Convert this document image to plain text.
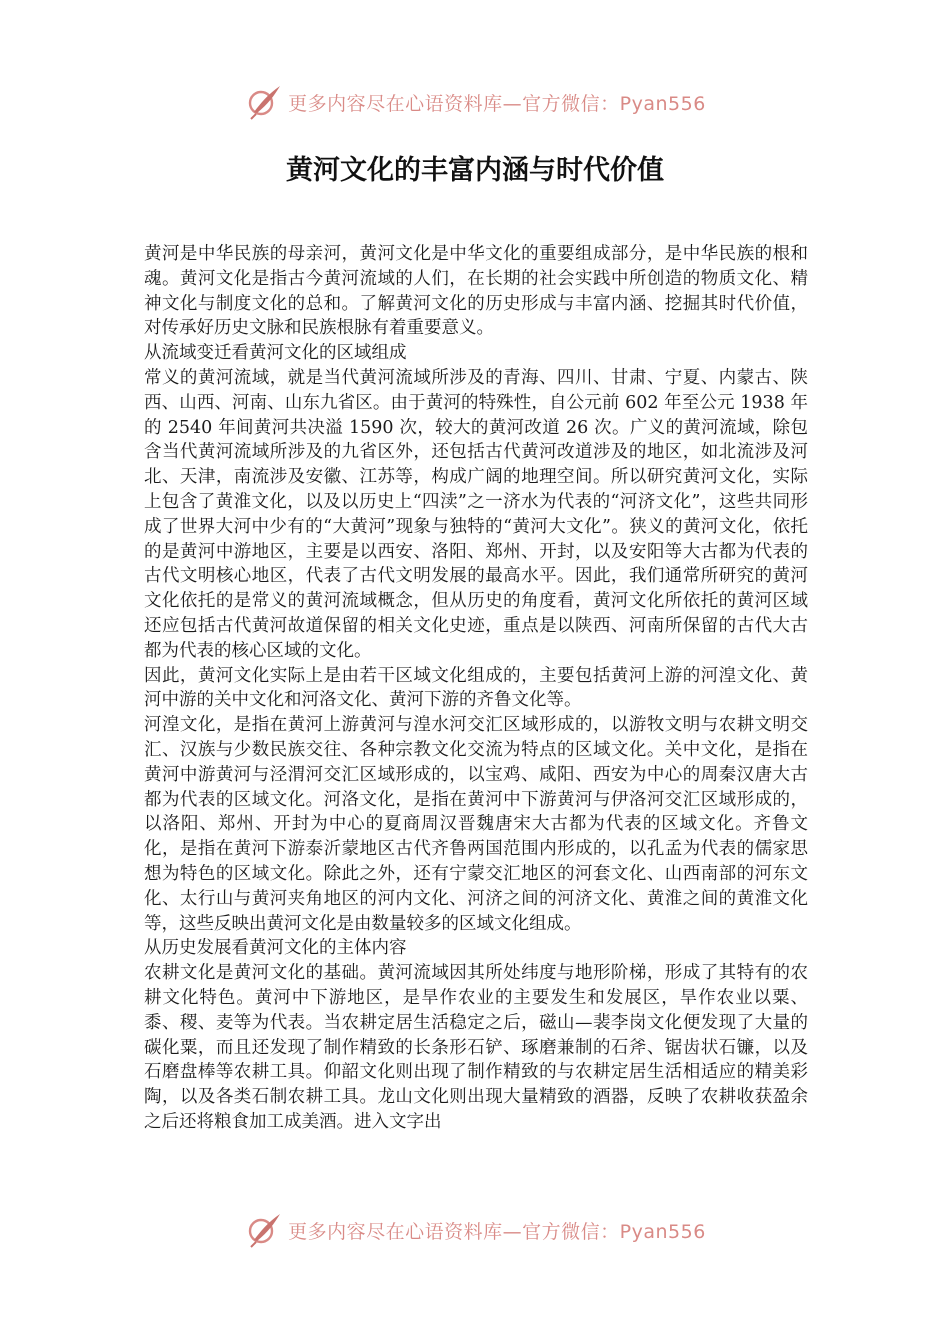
更多内容尽在心语资料库—官方微信：Pyan556
黄河文化的丰富内涵与时代价值

黄河是中华民族的母亲河，黄河文化是中华文化的重要组成部分，是中华民族的根和魂。黄河文化是指古今黄河流域的人们，在长期的社会实践中所创造的物质文化、精神文化与制度文化的总和。了解黄河文化的历史形成与丰富内涵、挖掘其时代价值，对传承好历史文脉和民族根脉有着重要意义。

从流域变迁看黄河文化的区域组成

常义的黄河流域，就是当代黄河流域所涉及的青海、四川、甘肃、宁夏、内蒙古、陕西、山西、河南、山东九省区。由于黄河的特殊性，自公元前 602 年至公元 1938 年的 2540 年间黄河共决溢 1590 次，较大的黄河改道 26 次。广义的黄河流域，除包含当代黄河流域所涉及的九省区外，还包括古代黄河改道涉及的地区，如北流涉及河北、天津，南流涉及安徽、江苏等，构成广阔的地理空间。所以研究黄河文化，实际上包含了黄淮文化，以及以历史上“四渎”之一济水为代表的“河济文化”，这些共同形成了世界大河中少有的“大黄河”现象与独特的“黄河大文化”。狭义的黄河文化，依托的是黄河中游地区，主要是以西安、洛阳、郑州、开封，以及安阳等大古都为代表的古代文明核心地区，代表了古代文明发展的最高水平。因此，我们通常所研究的黄河文化依托的是常义的黄河流域概念，但从历史的角度看，黄河文化所依托的黄河区域还应包括古代黄河故道保留的相关文化史迹，重点是以陕西、河南所保留的古代大古都为代表的核心区域的文化。

因此，黄河文化实际上是由若干区域文化组成的，主要包括黄河上游的河湟文化、黄河中游的关中文化和河洛文化、黄河下游的齐鲁文化等。

河湟文化，是指在黄河上游黄河与湟水河交汇区域形成的，以游牧文明与农耕文明交汇、汉族与少数民族交往、各种宗教文化交流为特点的区域文化。关中文化，是指在黄河中游黄河与泾渭河交汇区域形成的，以宝鸡、咸阳、西安为中心的周秦汉唐大古都为代表的区域文化。河洛文化，是指在黄河中下游黄河与伊洛河交汇区域形成的，以洛阳、郑州、开封为中心的夏商周汉晋魏唐宋大古都为代表的区域文化。齐鲁文化，是指在黄河下游泰沂蒙地区古代齐鲁两国范围内形成的，以孔孟为代表的儒家思想为特色的区域文化。除此之外，还有宁蒙交汇地区的河套文化、山西南部的河东文化、太行山与黄河夹角地区的河内文化、河济之间的河济文化、黄淮之间的黄淮文化等，这些反映出黄河文化是由数量较多的区域文化组成。

从历史发展看黄河文化的主体内容

农耕文化是黄河文化的基础。黄河流域因其所处纬度与地形阶梯，形成了其特有的农耕文化特色。黄河中下游地区，是旱作农业的主要发生和发展区，旱作农业以粟、黍、稷、麦等为代表。当农耕定居生活稳定之后，磁山—裴李岗文化便发现了大量的碳化粟，而且还发现了制作精致的长条形石铲、琢磨兼制的石斧、锯齿状石镰，以及石磨盘棒等农耕工具。仰韶文化则出现了制作精致的与农耕定居生活相适应的精美彩陶，以及各类石制农耕工具。龙山文化则出现大量精致的酒器，反映了农耕收获盈余之后还将粮食加工成美酒。进入文字出

更多内容尽在心语资料库—官方微信：Pyan556
